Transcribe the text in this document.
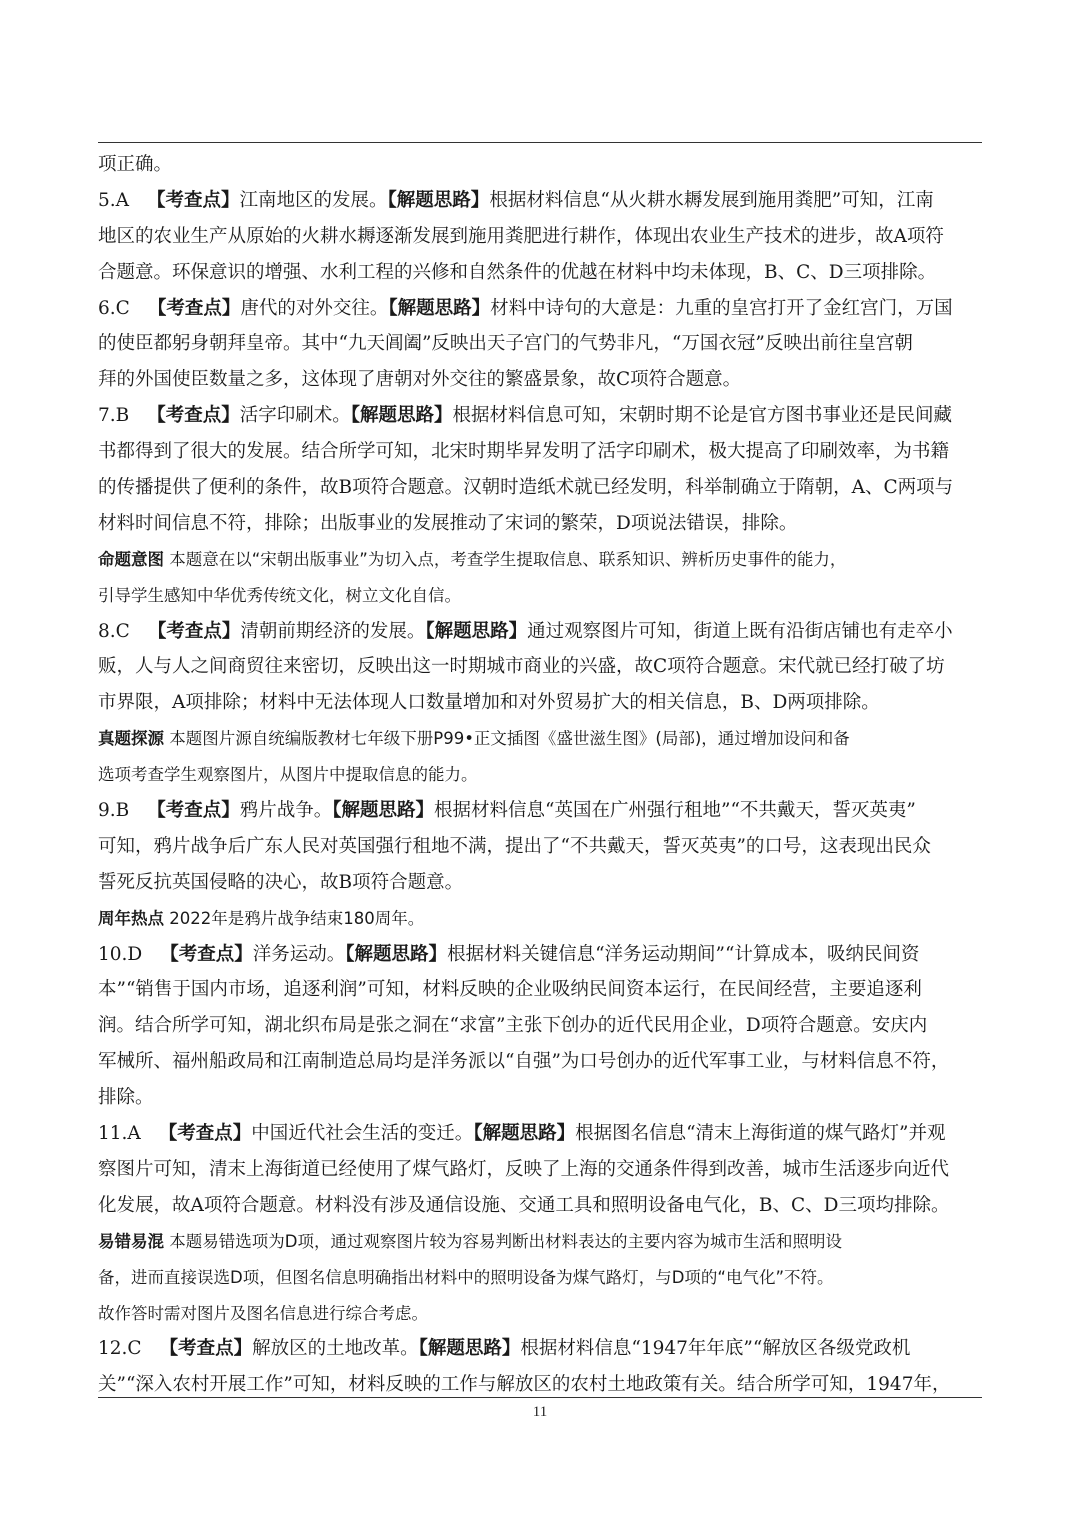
项正确。
5.A 【考查点】江南地区的发展。【解题思路】根据材料信息“从火耕水耨发展到施用粪肥”可知，江南
地区的农业生产从原始的火耕水耨逐渐发展到施用粪肥进行耕作，体现出农业生产技术的进步，故A项符
合题意。环保意识的增强、水利工程的兴修和自然条件的优越在材料中均未体现，B、C、D三项排除。
6.C 【考查点】唐代的对外交往。【解题思路】材料中诗句的大意是：九重的皇宫打开了金红宫门，万国
的使臣都躬身朝拜皇帝。其中“九天阊阖”反映出天子宫门的气势非凡，“万国衣冠”反映出前往皇宫朝
拜的外国使臣数量之多，这体现了唐朝对外交往的繁盛景象，故C项符合题意。
7.B 【考查点】活字印刷术。【解题思路】根据材料信息可知，宋朝时期不论是官方图书事业还是民间藏
书都得到了很大的发展。结合所学可知，北宋时期毕昇发明了活字印刷术，极大提高了印刷效率，为书籍
的传播提供了便利的条件，故B项符合题意。汉朝时造纸术就已经发明，科举制确立于隋朝，A、C两项与
材料时间信息不符，排除；出版事业的发展推动了宋词的繁荣，D项说法错误，排除。
命题意图 本题意在以“宋朝出版事业”为切入点，考查学生提取信息、联系知识、辨析历史事件的能力，
引导学生感知中华优秀传统文化，树立文化自信。
8.C 【考查点】清朝前期经济的发展。【解题思路】通过观察图片可知，街道上既有沿街店铺也有走卒小
贩，人与人之间商贸往来密切，反映出这一时期城市商业的兴盛，故C项符合题意。宋代就已经打破了坊
市界限，A项排除；材料中无法体现人口数量增加和对外贸易扩大的相关信息，B、D两项排除。
真题探源 本题图片源自统编版教材七年级下册P99•正文插图《盛世滋生图》(局部)，通过增加设问和备
选项考查学生观察图片，从图片中提取信息的能力。
9.B 【考查点】鸦片战争。【解题思路】根据材料信息“英国在广州强行租地”“不共戴天，誓灭英夷”
可知，鸦片战争后广东人民对英国强行租地不满，提出了“不共戴天，誓灭英夷”的口号，这表现出民众
誓死反抗英国侵略的决心，故B项符合题意。
周年热点 2022年是鸦片战争结束180周年。
10.D 【考查点】洋务运动。【解题思路】根据材料关键信息“洋务运动期间”“计算成本，吸纳民间资
本”“销售于国内市场，追逐利润”可知，材料反映的企业吸纳民间资本运行，在民间经营，主要追逐利
润。结合所学可知，湖北织布局是张之洞在“求富”主张下创办的近代民用企业，D项符合题意。安庆内
军械所、福州船政局和江南制造总局均是洋务派以“自强”为口号创办的近代军事工业，与材料信息不符，
排除。
11.A 【考查点】中国近代社会生活的变迁。【解题思路】根据图名信息“清末上海街道的煤气路灯”并观
察图片可知，清末上海街道已经使用了煤气路灯，反映了上海的交通条件得到改善，城市生活逐步向近代
化发展，故A项符合题意。材料没有涉及通信设施、交通工具和照明设备电气化，B、C、D三项均排除。
易错易混 本题易错选项为D项，通过观察图片较为容易判断出材料表达的主要内容为城市生活和照明设
备，进而直接误选D项，但图名信息明确指出材料中的照明设备为煤气路灯，与D项的“电气化”不符。
故作答时需对图片及图名信息进行综合考虑。
12.C 【考查点】解放区的土地改革。【解题思路】根据材料信息“1947年年底”“解放区各级党政机
关”“深入农村开展工作”可知，材料反映的工作与解放区的农村土地政策有关。结合所学可知，1947年，
11
